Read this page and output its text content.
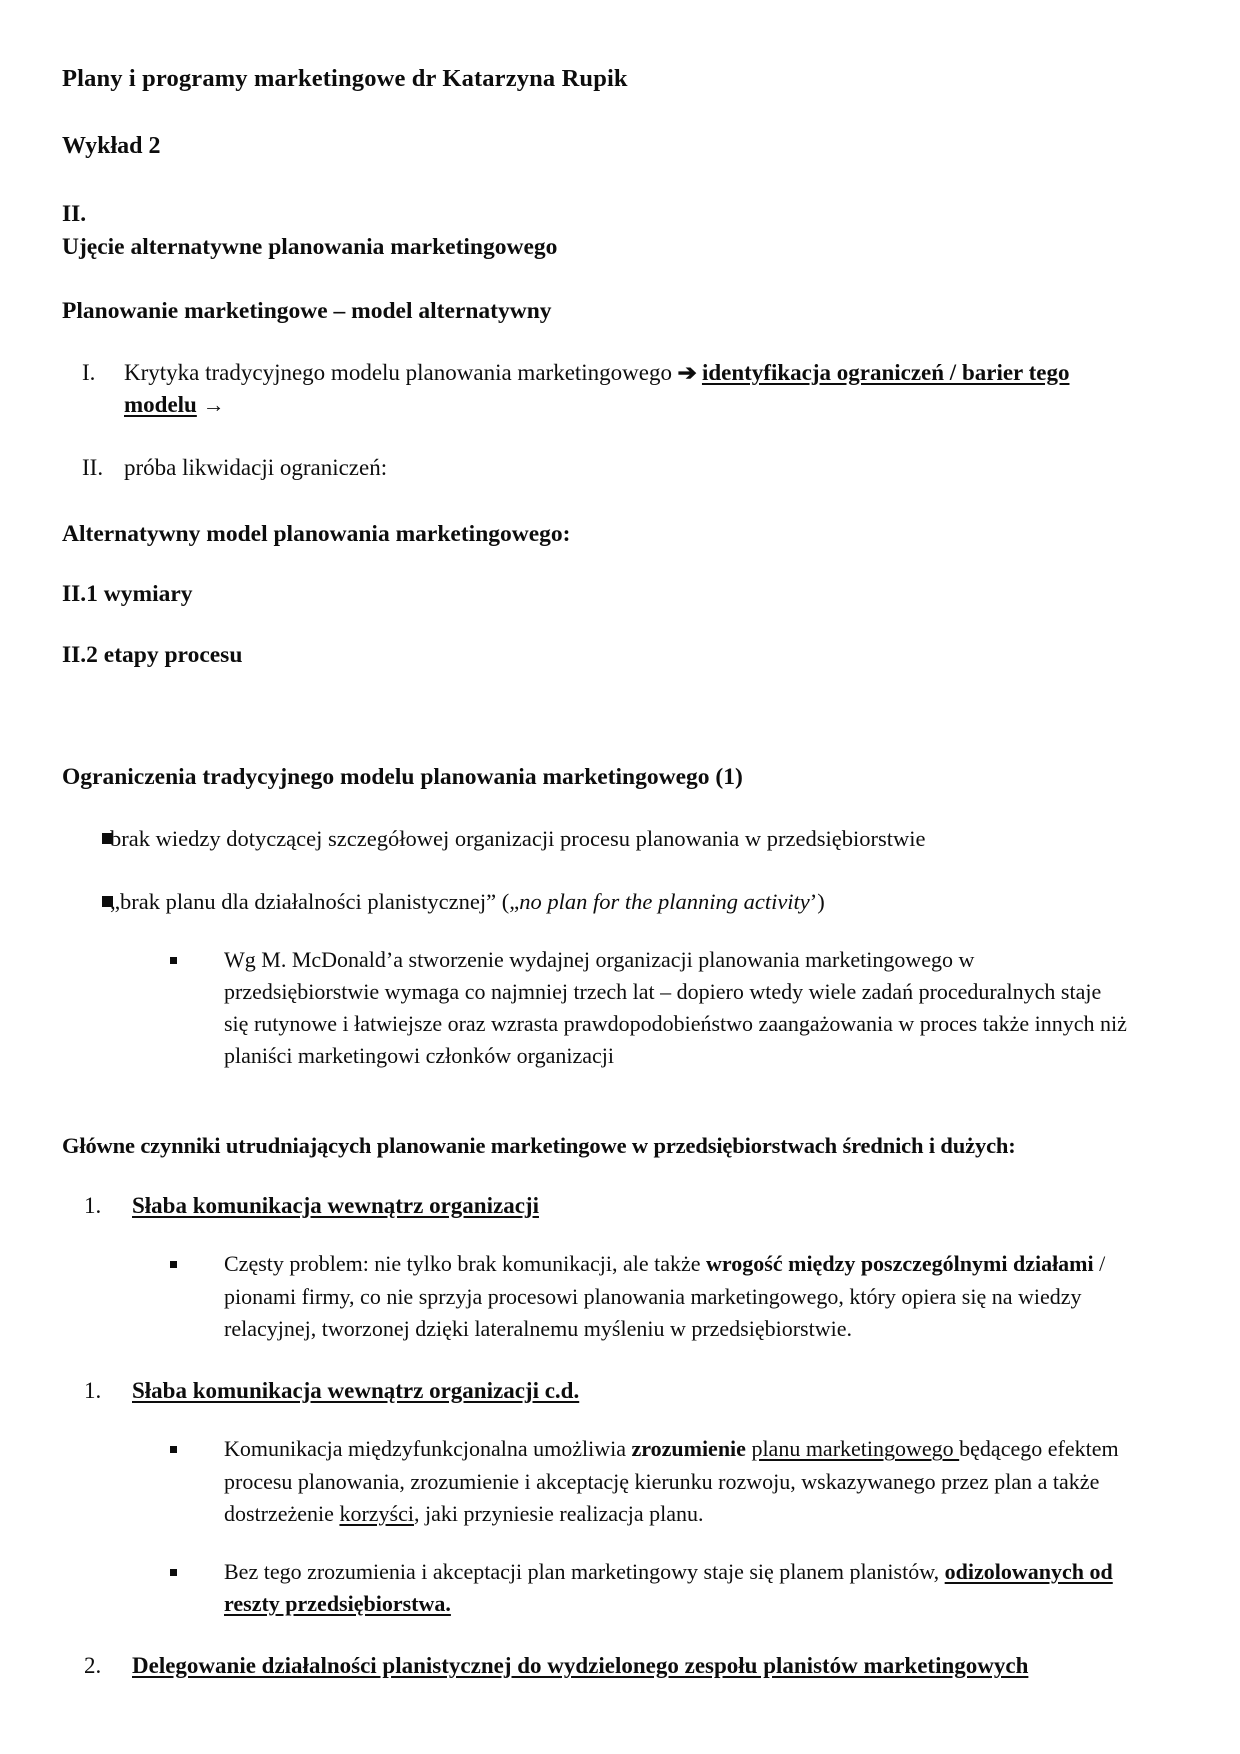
Plany i programy marketingowe dr Katarzyna Rupik
Wykład 2
II.
Ujęcie alternatywne planowania marketingowego
Planowanie marketingowe – model alternatywny
I.	Krytyka tradycyjnego modelu planowania marketingowego ➔ identyfikacja ograniczeń / barier tego modelu →
II. próba likwidacji ograniczeń:
Alternatywny model planowania marketingowego:
II.1 wymiary
II.2 etapy procesu
Ograniczenia tradycyjnego modelu planowania marketingowego (1)
brak wiedzy dotyczącej szczegółowej organizacji procesu planowania w przedsiębiorstwie
„brak planu dla działalności planistycznej” („no plan for the planning activity’)
Wg M. McDonald’a stworzenie wydajnej organizacji planowania marketingowego w przedsiębiorstwie wymaga co najmniej trzech lat – dopiero wtedy wiele zadań proceduralnych staje się rutynowe i łatwiejsze oraz wzrasta prawdopodobieństwo zaangażowania w proces także innych niż planiści marketingowi członków organizacji
Główne czynniki utrudniających planowanie marketingowe w przedsiębiorstwach średnich i dużych:
1.	Słaba komunikacja wewnątrz organizacji
Częsty problem: nie tylko brak komunikacji, ale także wrogość między poszczególnymi działami / pionami firmy, co nie sprzyja procesowi planowania marketingowego, który opiera się na wiedzy relacyjnej, tworzonej dzięki lateralnemu myśleniu w przedsiębiorstwie.
1.	Słaba komunikacja wewnątrz organizacji c.d.
Komunikacja międzyfunkcjonalna umożliwia zrozumienie planu marketingowego będącego efektem procesu planowania, zrozumienie i akceptację kierunku rozwoju, wskazywanego przez plan a także dostrzeżenie korzyści, jaki przyniesie realizacja planu.
Bez tego zrozumienia i akceptacji plan marketingowy staje się planem planistów, odizolowanych od reszty przedsiębiorstwa.
2.	Delegowanie działalności planistycznej do wydzielonego zespołu planistów marketingowych
